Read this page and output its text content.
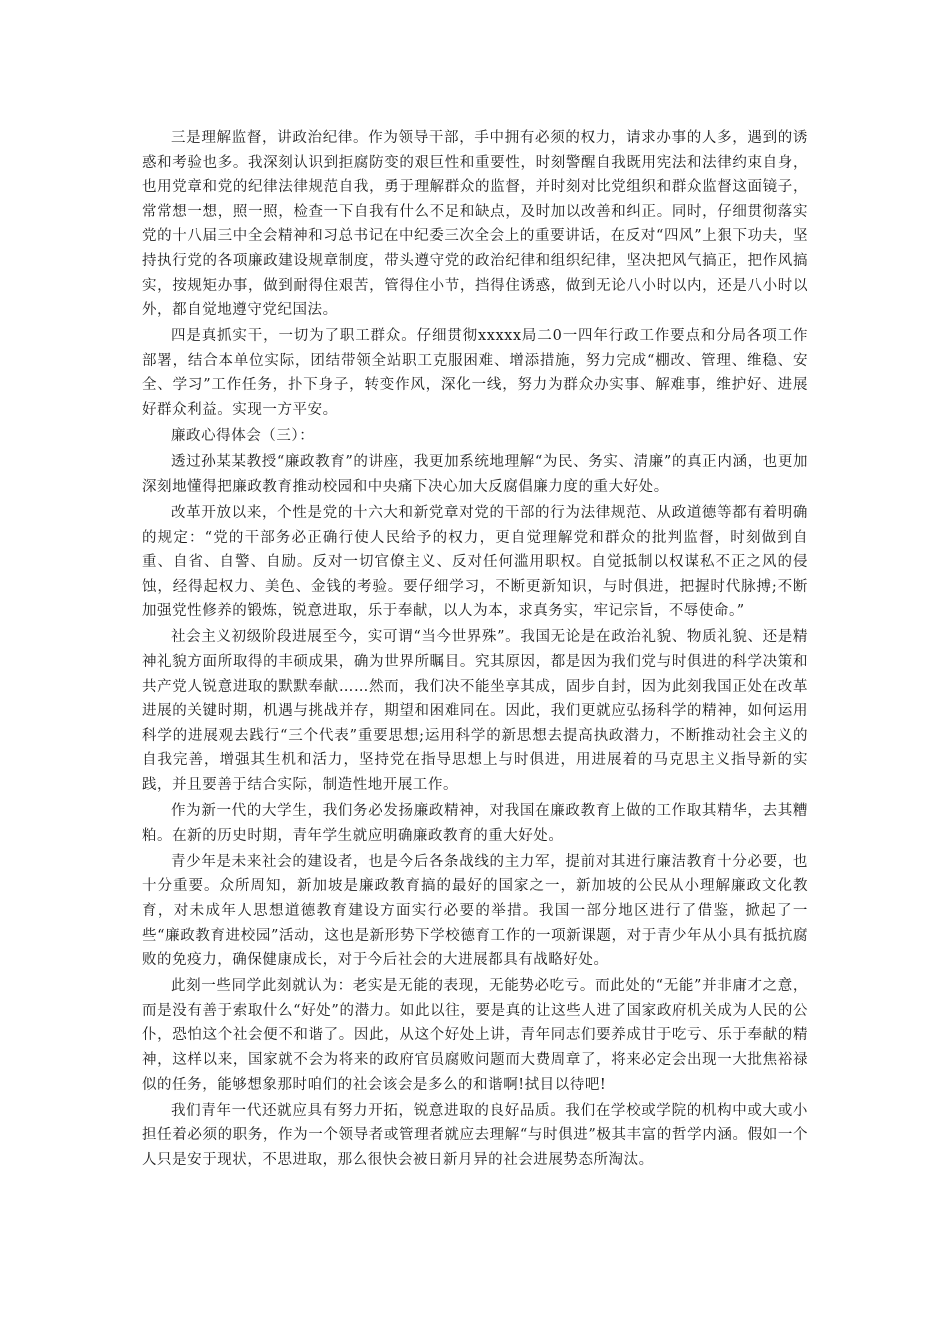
三是理解监督，讲政治纪律。作为领导干部，手中拥有必须的权力，请求办事的人多，遇到的诱惑和考验也多。我深刻认识到拒腐防变的艰巨性和重要性，时刻警醒自我既用宪法和法律约束自身，也用党章和党的纪律法律规范自我，勇于理解群众的监督，并时刻对比党组织和群众监督这面镜子，常常想一想，照一照，检查一下自我有什么不足和缺点，及时加以改善和纠正。同时，仔细贯彻落实党的十八届三中全会精神和习总书记在中纪委三次全会上的重要讲话，在反对“四风”上狠下功夫，坚持执行党的各项廉政建设规章制度，带头遵守党的政治纪律和组织纪律，坚决把风气搞正，把作风搞实，按规矩办事，做到耐得住艰苦，管得住小节，挡得住诱惑，做到无论八小时以内，还是八小时以外，都自觉地遵守党纪国法。

四是真抓实干，一切为了职工群众。仔细贯彻xxxxx局二0一四年行政工作要点和分局各项工作部署，结合本单位实际，团结带领全站职工克服困难、增添措施，努力完成“棚改、管理、维稳、安全、学习”工作任务，扑下身子，转变作风，深化一线，努力为群众办实事、解难事，维护好、进展好群众利益。实现一方平安。

廉政心得体会（三）：

透过孙某某教授“廉政教育”的讲座，我更加系统地理解“为民、务实、清廉”的真正内涵，也更加深刻地懂得把廉政教育推动校园和中央痛下决心加大反腐倡廉力度的重大好处。

改革开放以来，个性是党的十六大和新党章对党的干部的行为法律规范、从政道德等都有着明确的规定：“党的干部务必正确行使人民给予的权力，更自觉理解党和群众的批判监督，时刻做到自重、自省、自警、自励。反对一切官僚主义、反对任何滥用职权。自觉抵制以权谋私不正之风的侵蚀，经得起权力、美色、金钱的考验。要仔细学习，不断更新知识，与时俱进，把握时代脉搏;不断加强党性修养的锻炼，锐意进取，乐于奉献，以人为本，求真务实，牢记宗旨，不辱使命。”

社会主义初级阶段进展至今，实可谓“当今世界殊”。我国无论是在政治礼貌、物质礼貌、还是精神礼貌方面所取得的丰硕成果，确为世界所瞩目。究其原因，都是因为我们党与时俱进的科学决策和共产党人锐意进取的默默奉献……然而，我们决不能坐享其成，固步自封，因为此刻我国正处在改革进展的关键时期，机遇与挑战并存，期望和困难同在。因此，我们更就应弘扬科学的精神，如何运用科学的进展观去践行“三个代表”重要思想;运用科学的新思想去提高执政潜力，不断推动社会主义的自我完善，增强其生机和活力，坚持党在指导思想上与时俱进，用进展着的马克思主义指导新的实践，并且要善于结合实际，制造性地开展工作。

作为新一代的大学生，我们务必发扬廉政精神，对我国在廉政教育上做的工作取其精华，去其糟粕。在新的历史时期，青年学生就应明确廉政教育的重大好处。

青少年是未来社会的建设者，也是今后各条战线的主力军，提前对其进行廉洁教育十分必要，也十分重要。众所周知，新加坡是廉政教育搞的最好的国家之一，新加坡的公民从小理解廉政文化教育，对未成年人思想道德教育建设方面实行必要的举措。我国一部分地区进行了借鉴，掀起了一些“廉政教育进校园”活动，这也是新形势下学校德育工作的一项新课题，对于青少年从小具有抵抗腐败的免疫力，确保健康成长，对于今后社会的大进展都具有战略好处。

此刻一些同学此刻就认为：老实是无能的表现，无能势必吃亏。而此处的“无能”并非庸才之意，而是没有善于索取什么“好处”的潜力。如此以往，要是真的让这些人进了国家政府机关成为人民的公仆，恐怕这个社会便不和谐了。因此，从这个好处上讲，青年同志们要养成甘于吃亏、乐于奉献的精神，这样以来，国家就不会为将来的政府官员腐败问题而大费周章了，将来必定会出现一大批焦裕禄似的任务，能够想象那时咱们的社会该会是多么的和谐啊!拭目以待吧!

我们青年一代还就应具有努力开拓，锐意进取的良好品质。我们在学校或学院的机构中或大或小担任着必须的职务，作为一个领导者或管理者就应去理解“与时俱进”极其丰富的哲学内涵。假如一个人只是安于现状，不思进取，那么很快会被日新月异的社会进展势态所淘汰。
